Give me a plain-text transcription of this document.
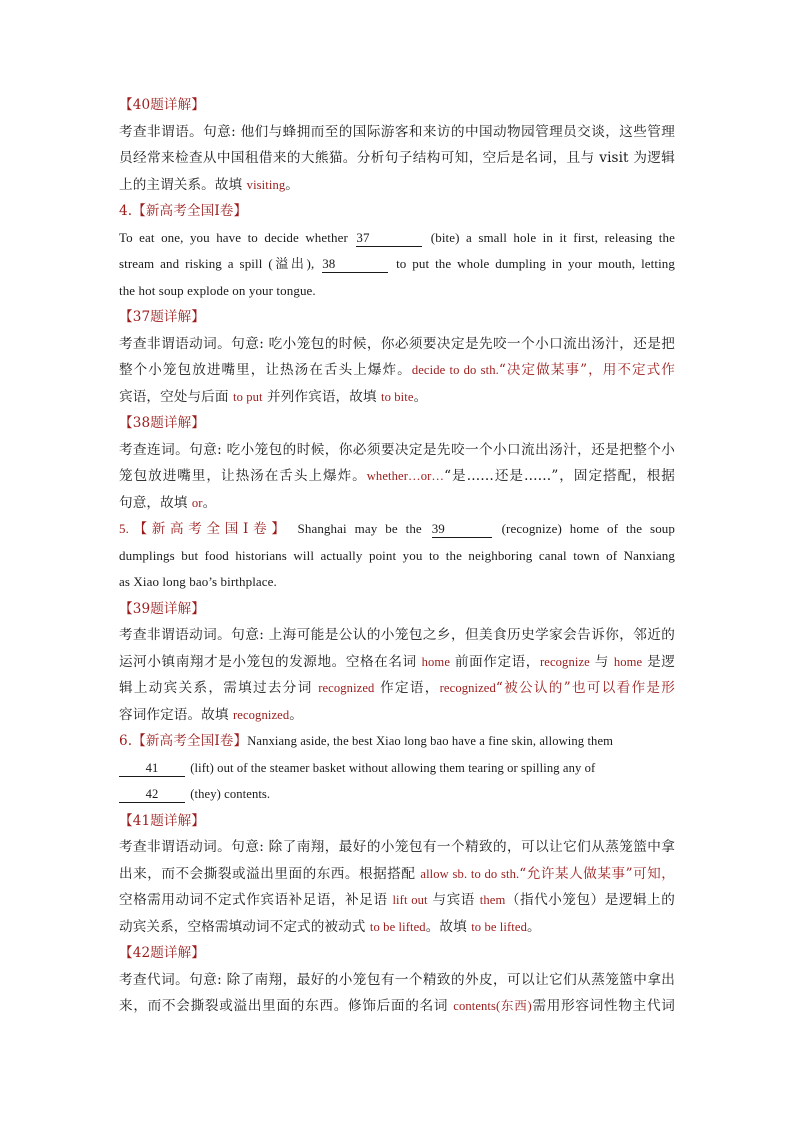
【40题详解】
考查非谓语。句意: 他们与蜂拥而至的国际游客和来访的中国动物园管理员交谈，这些管理
员经常来检查从中国租借来的大熊猫。分析句子结构可知，空后是名词，且与 visit 为逻辑
上的主谓关系。故填 visiting。
4.【新高考全国Ⅰ卷】
To eat one, you have to decide whether 37	(bite) a small hole in it first, releasing the
stream and risking a spill (溢出), 38	to put the whole dumpling in your mouth, letting
the hot soup explode on your tongue.
【37题详解】
考查非谓语动词。句意: 吃小笼包的时候，你必须要决定是先咬一个小口流出汤汁，还是把
整个小笼包放进嘴里，让热汤在舌头上爆炸。decide to do sth.“决定做某事”，用不定式作
宾语，空处与后面 to put 并列作宾语，故填 to bite。
【38题详解】
考查连词。句意: 吃小笼包的时候，你必须要决定是先咬一个小口流出汤汁，还是把整个小
笼包放进嘴里，让热汤在舌头上爆炸。whether…or…“是……还是……”，固定搭配，根据
句意，故填 or。
5.【新高考全国Ⅰ卷】 Shanghai may be the 39	(recognize) home of the soup
dumplings but food historians will actually point you to the neighboring canal town of Nanxiang
as Xiao long bao’s birthplace.
【39题详解】
考查非谓语动词。句意: 上海可能是公认的小笼包之乡，但美食历史学家会告诉你，邻近的
运河小镇南翔才是小笼包的发源地。空格在名词 home 前面作定语，recognize 与 home 是逻
辑上动宾关系，需填过去分词 recognized 作定语，recognized“被公认的”也可以看作是形
容词作定语。故填 recognized。
6.【新高考全国Ⅰ卷】Nanxiang aside, the best Xiao long bao have a fine skin, allowing them
41 (lift) out of the steamer basket without allowing them tearing or spilling any of
42 (they) contents.
【41题详解】
考查非谓语动词。句意: 除了南翔，最好的小笼包有一个精致的，可以让它们从蒸笼篮中拿
出来，而不会撕裂或溢出里面的东西。根据搭配 allow sb. to do sth.“允许某人做某事”可知，
空格需用动词不定式作宾语补足语，补足语 lift out 与宾语 them（指代小笼包）是逻辑上的
动宾关系，空格需填动词不定式的被动式 to be lifted。故填 to be lifted。
【42题详解】
考查代词。句意: 除了南翔，最好的小笼包有一个精致的外皮，可以让它们从蒸笼篮中拿出
来，而不会撕裂或溢出里面的东西。修饰后面的名词 contents(东西)需用形容词性物主代词
